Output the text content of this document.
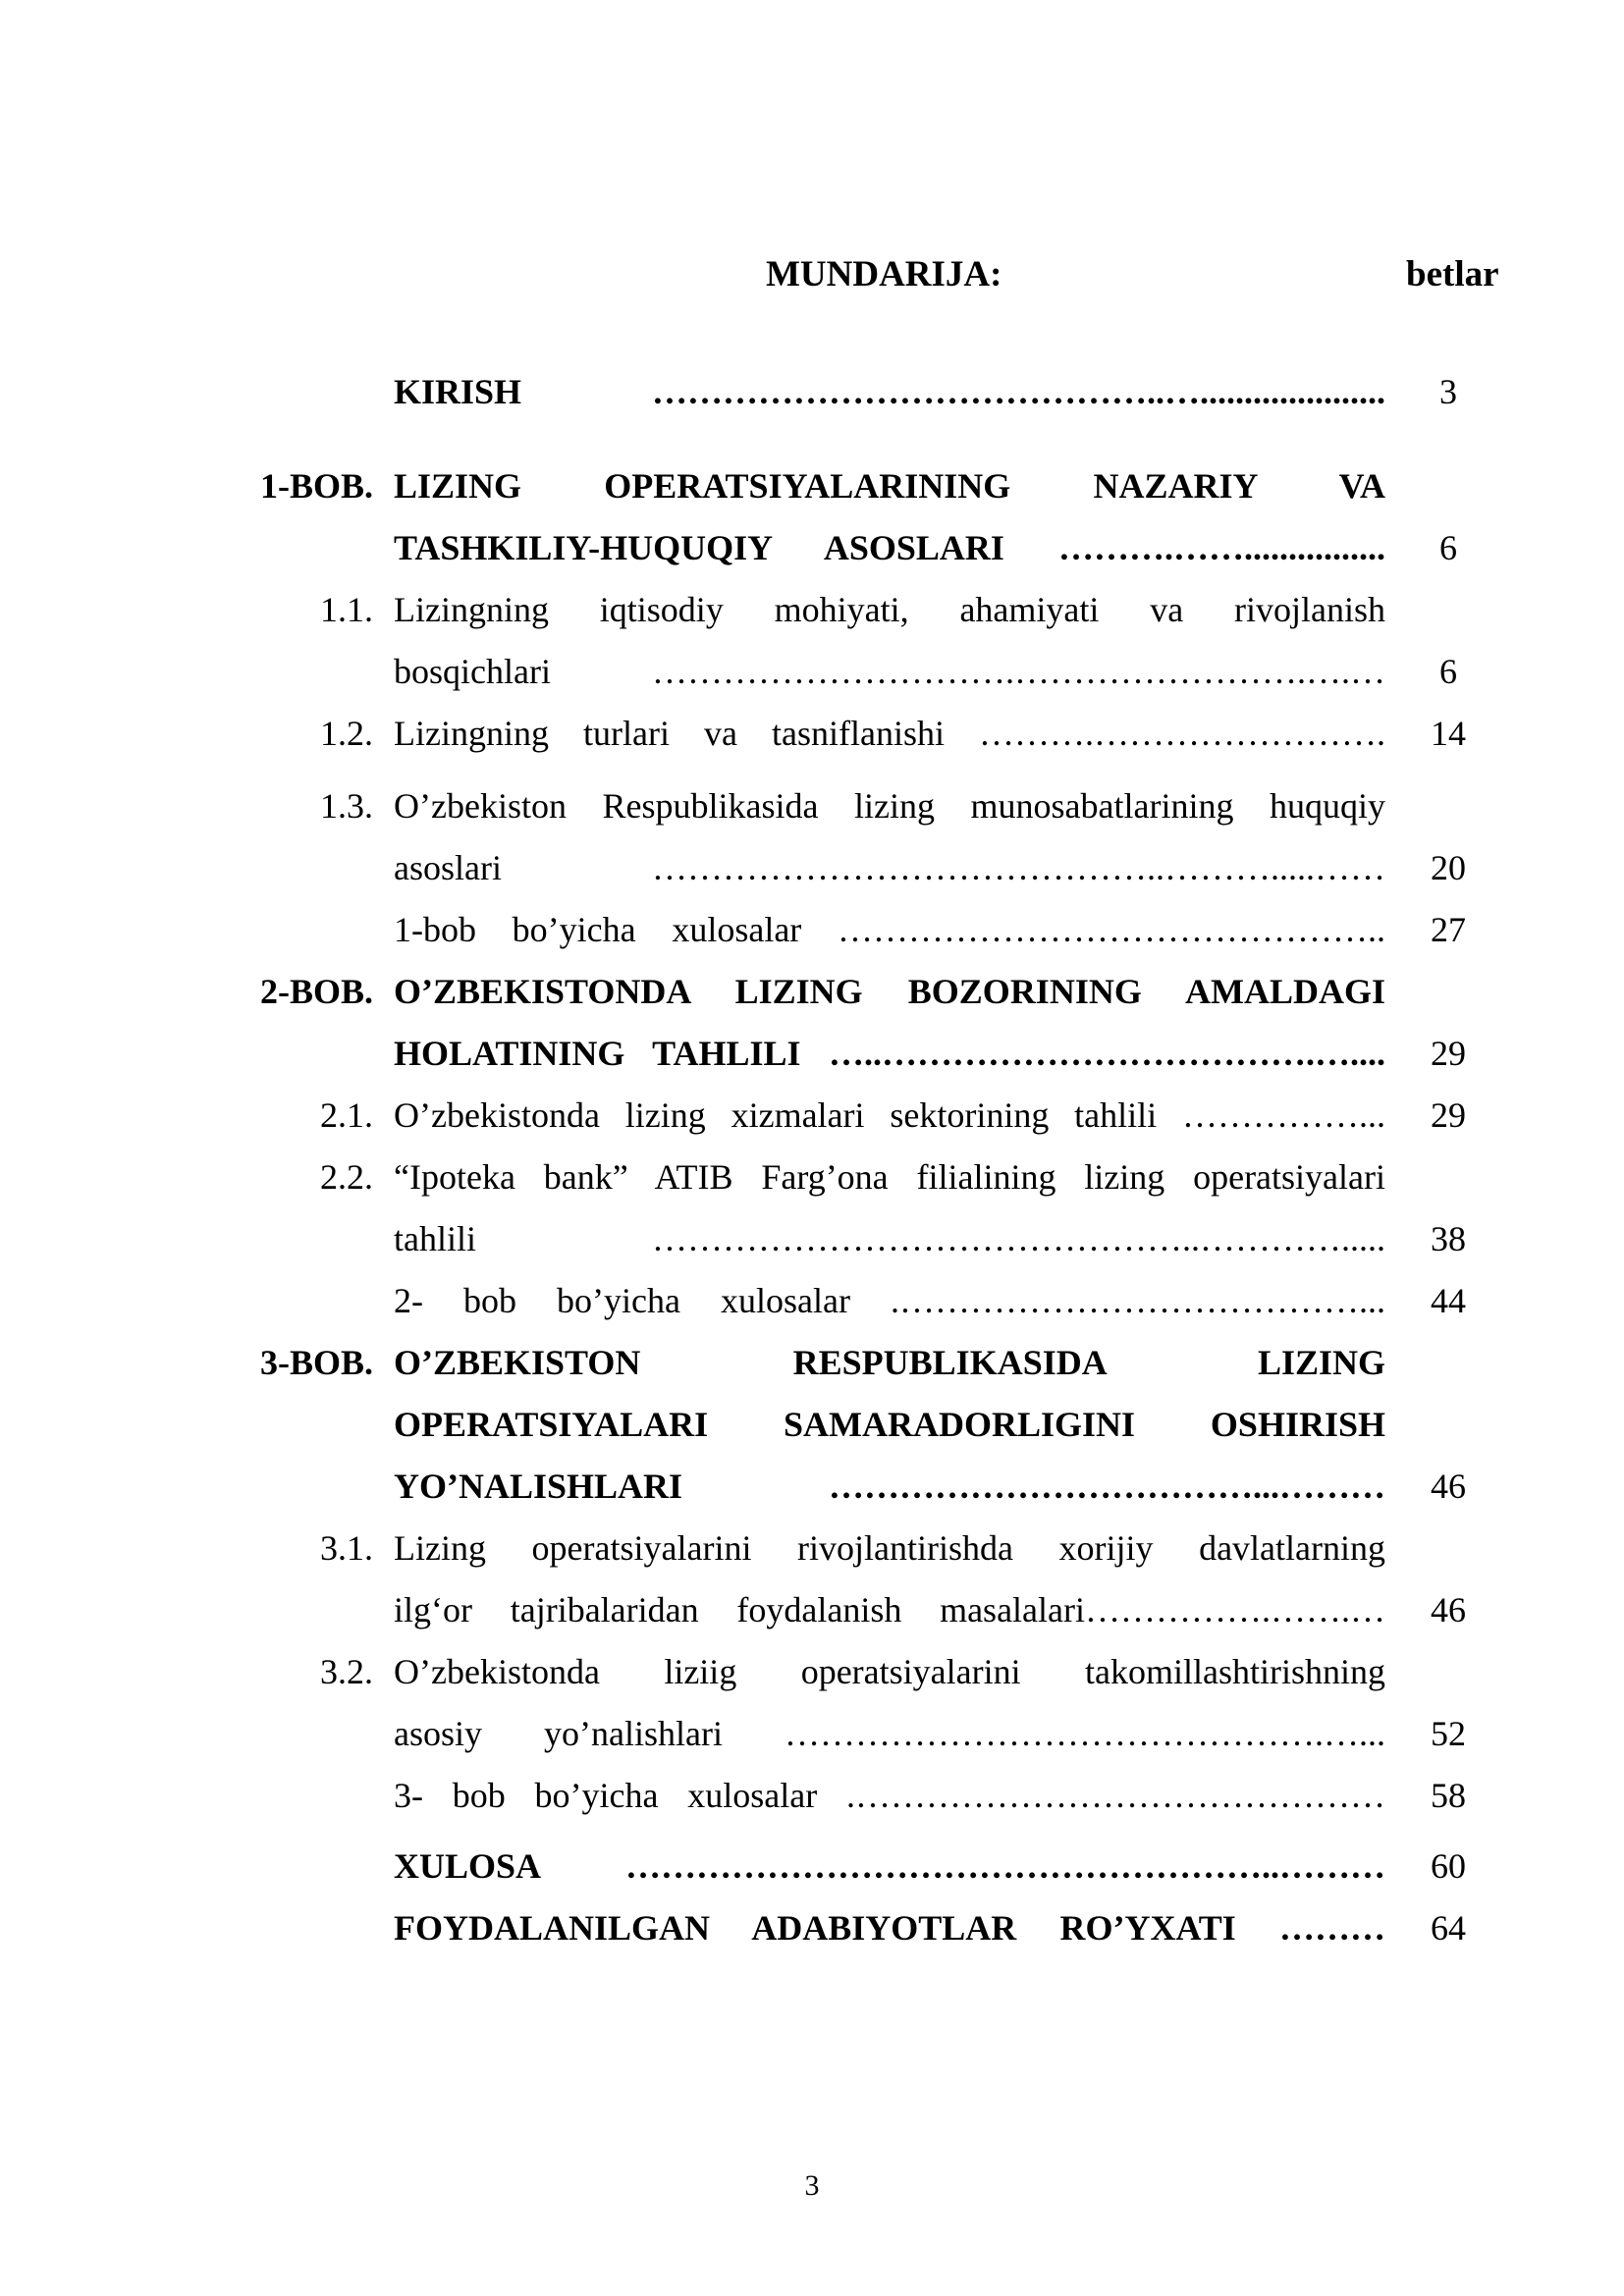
MUNDARIJA:	betlar
KIRISH ……………………………………..….....................	3
1-BOB. LIZING OPERATSIYALARINING NAZARIY VA
TASHKILIY-HUQUQIY ASOSLARI ……….……................	6
1.1. Lizingning iqtisodiy mohiyati, ahamiyati va rivojlanish
bosqichlari ………………………….…………………….….…	6
1.2. Lizingning turlari va tasniflanishi ……….…………………….	14
1.3. O’zbekiston Respublikasida lizing munosabatlarining huquqiy
asoslari ……………………………………..……….....……	20
1-bob bo’yicha xulosalar ………………………………………..	27
2-BOB. O’ZBEKISTONDA LIZING BOZORINING AMALDAGI
HOLATINING TAHLILI …..……………………………….…....	29
2.1. O’zbekistonda lizing xizmalari sektorining tahlili ……………...	29
2.2. “Ipoteka bank” ATIB Farg’ona filialining lizing operatsiyalari
tahlili ………………………………………..………….....	38
2- bob bo’yicha xulosalar .…………………………………...	44
3-BOB. O’ZBEKISTON RESPUBLIKASIDA LIZING
OPERATSIYALARI SAMARADORLIGINI OSHIRISH
YO’NALISHLARI ………………………………...………	46
3.1. Lizing operatsiyalarini rivojlantirishda xorijiy davlatlarning
ilg‘or tajribalaridan foydalanish masalalari…………….…….…	46
3.2. O’zbekistonda liziig operatsiyalarini takomillashtirishning
asosiy yo’nalishlari ……………………………………….…...	52
3- bob bo’yicha xulosalar .………………………………………	58
XULOSA ………………………………………………..………	60
FOYDALANILGAN ADABIYOTLAR RO’YXATI ………	64
3
